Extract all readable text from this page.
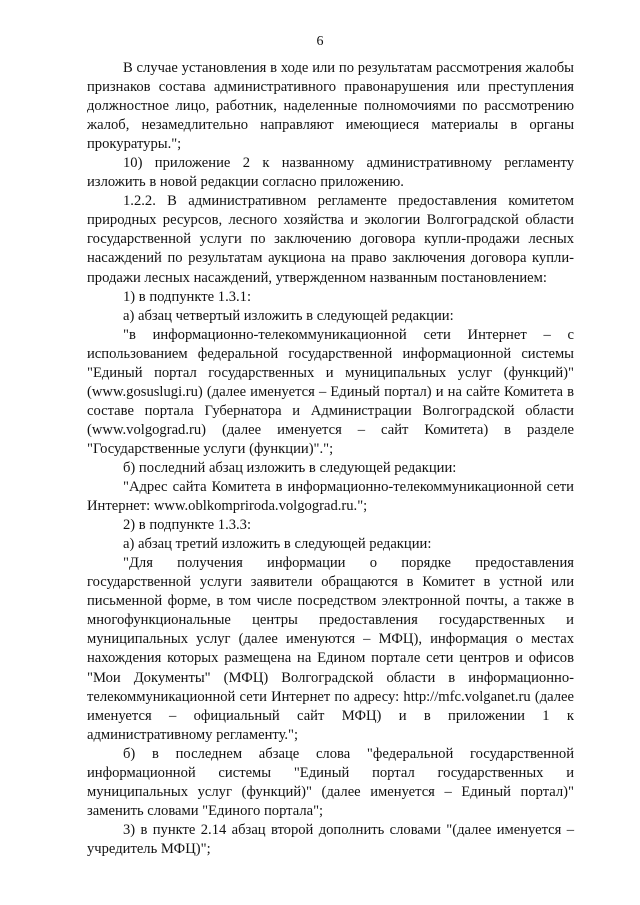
6

В случае установления в ходе или по результатам рассмотрения жалобы признаков состава административного правонарушения или преступления должностное лицо, работник, наделенные полномочиями по рассмотрению жалоб, незамедлительно направляют имеющиеся материалы в органы прокуратуры.";

10) приложение 2 к названному административному регламенту изложить в новой редакции согласно приложению.

1.2.2. В административном регламенте предоставления комитетом природных ресурсов, лесного хозяйства и экологии Волгоградской области государственной услуги по заключению договора купли-продажи лесных насаждений по результатам аукциона на право заключения договора купли-продажи лесных насаждений, утвержденном названным постановлением:

1) в подпункте 1.3.1:

а) абзац четвертый изложить в следующей редакции:

"в информационно-телекоммуникационной сети Интернет – с использованием федеральной государственной информационной системы "Единый портал государственных и муниципальных услуг (функций)" (www.gosuslugi.ru) (далее именуется – Единый портал) и на сайте Комитета в составе портала Губернатора и Администрации Волгоградской области (www.volgograd.ru) (далее именуется – сайт Комитета) в разделе "Государственные услуги (функции)".";

б) последний абзац изложить в следующей редакции:

"Адрес сайта Комитета в информационно-телекоммуникационной сети Интернет: www.oblkompriroda.volgograd.ru.";

2) в подпункте 1.3.3:

а) абзац третий изложить в следующей редакции:

"Для получения информации о порядке предоставления государственной услуги заявители обращаются в Комитет в устной или письменной форме, в том числе посредством электронной почты, а также в многофункциональные центры предоставления государственных и муниципальных услуг (далее именуются – МФЦ), информация о местах нахождения которых размещена на Едином портале сети центров и офисов "Мои Документы" (МФЦ) Волгоградской области в информационно-телекоммуникационной сети Интернет по адресу: http://mfc.volganet.ru (далее именуется – официальный сайт МФЦ) и в приложении 1 к административному регламенту.";

б) в последнем абзаце слова "федеральной государственной информационной системы "Единый портал государственных и муниципальных услуг (функций)" (далее именуется – Единый портал)" заменить словами "Единого портала";

3) в пункте 2.14 абзац второй дополнить словами "(далее именуется – учредитель МФЦ)";
